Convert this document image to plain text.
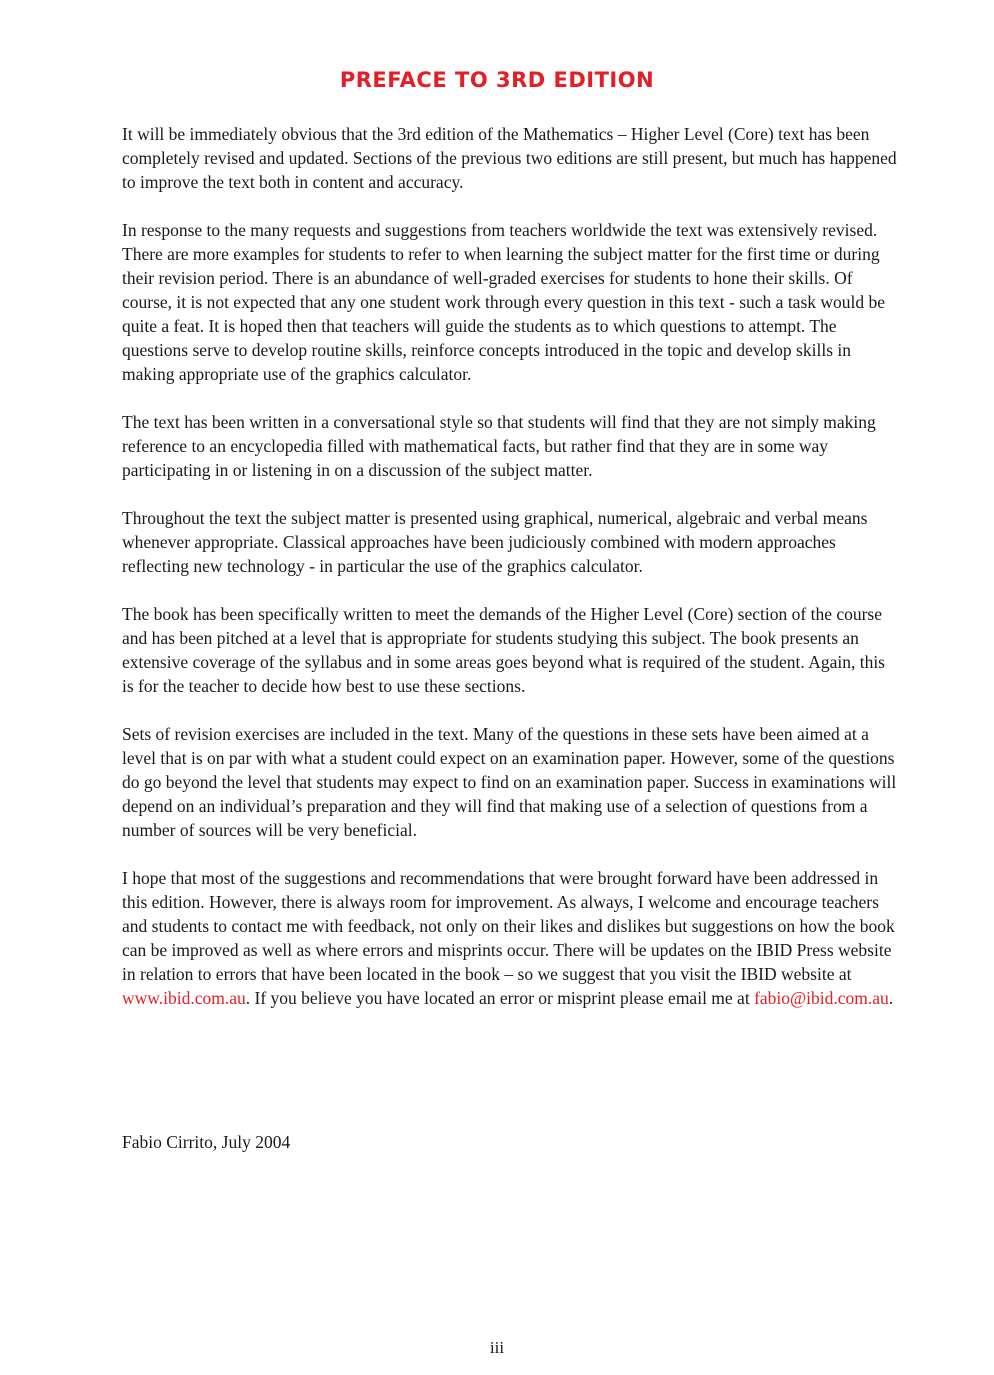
PREFACE TO 3RD EDITION

It will be immediately obvious that the 3rd edition of the Mathematics – Higher Level (Core) text has been completely revised and updated. Sections of the previous two editions are still present, but much has happened to improve the text both in content and accuracy.

In response to the many requests and suggestions from teachers worldwide the text was extensively revised. There are more examples for students to refer to when learning the subject matter for the first time or during their revision period. There is an abundance of well-graded exercises for students to hone their skills. Of course, it is not expected that any one student work through every question in this text - such a task would be quite a feat. It is hoped then that teachers will guide the students as to which questions to attempt. The questions serve to develop routine skills, reinforce concepts introduced in the topic and develop skills in making appropriate use of the graphics calculator.

The text has been written in a conversational style so that students will find that they are not simply making reference to an encyclopedia filled with mathematical facts, but rather find that they are in some way participating in or listening in on a discussion of the subject matter.

Throughout the text the subject matter is presented using graphical, numerical, algebraic and verbal means whenever appropriate. Classical approaches have been judiciously combined with modern approaches reflecting new technology - in particular the use of the graphics calculator.

The book has been specifically written to meet the demands of the Higher Level (Core) section of the course and has been pitched at a level that is appropriate for students studying this subject. The book presents an extensive coverage of the syllabus and in some areas goes beyond what is required of the student. Again, this is for the teacher to decide how best to use these sections.

Sets of revision exercises are included in the text. Many of the questions in these sets have been aimed at a level that is on par with what a student could expect on an examination paper. However, some of the questions do go beyond the level that students may expect to find on an examination paper. Success in examinations will depend on an individual’s preparation and they will find that making use of a selection of questions from a number of sources will be very beneficial.

I hope that most of the suggestions and recommendations that were brought forward have been addressed in this edition. However, there is always room for improvement. As always, I welcome and encourage teachers and students to contact me with feedback, not only on their likes and dislikes but suggestions on how the book can be improved as well as where errors and misprints occur. There will be updates on the IBID Press website in relation to errors that have been located in the book – so we suggest that you visit the IBID website at www.ibid.com.au. If you believe you have located an error or misprint please email me at fabio@ibid.com.au.

Fabio Cirrito, July 2004

iii
